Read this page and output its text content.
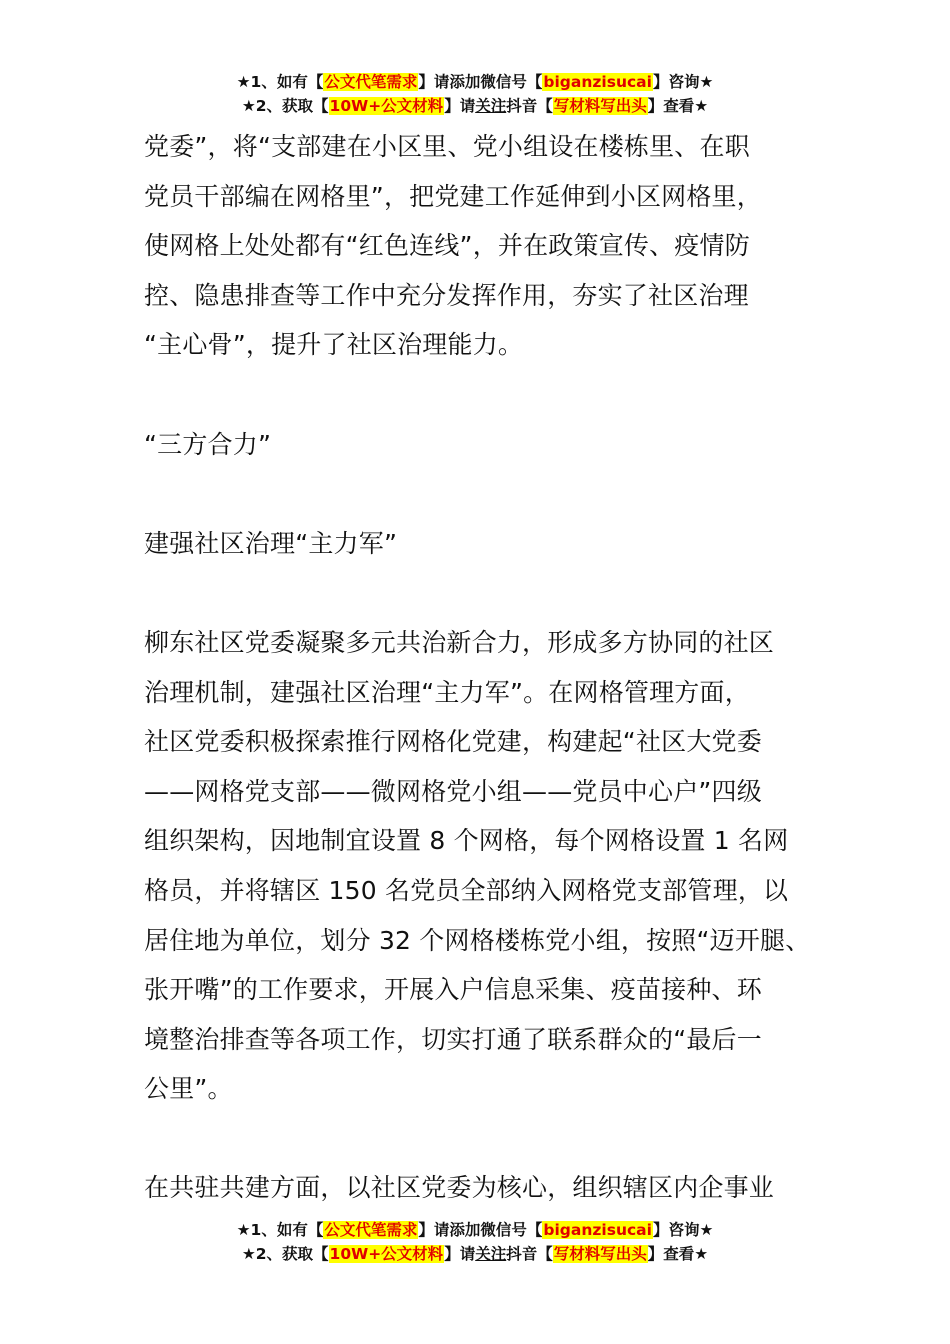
★1、如有【公文代笔需求】请添加微信号【biganzisucai】咨询★
★2、获取【10W+公文材料】请关注抖音【写材料写出头】查看★

党委”，将“支部建在小区里、党小组设在楼栋里、在职

党员干部编在网格里”，把党建工作延伸到小区网格里，

使网格上处处都有“红色连线”，并在政策宣传、疫情防

控、隐患排查等工作中充分发挥作用，夯实了社区治理

“主心骨”，提升了社区治理能力。

“三方合力”

建强社区治理“主力军”

柳东社区党委凝聚多元共治新合力，形成多方协同的社区

治理机制，建强社区治理“主力军”。在网格管理方面，

社区党委积极探索推行网格化党建，构建起“社区大党委

——网格党支部——微网格党小组——党员中心户”四级

组织架构，因地制宜设置 8 个网格，每个网格设置 1 名网

格员，并将辖区 150 名党员全部纳入网格党支部管理，以

居住地为单位，划分 32 个网格楼栋党小组，按照“迈开腿、

张开嘴”的工作要求，开展入户信息采集、疫苗接种、环

境整治排查等各项工作，切实打通了联系群众的“最后一

公里”。

在共驻共建方面，以社区党委为核心，组织辖区内企事业

★1、如有【公文代笔需求】请添加微信号【biganzisucai】咨询★
★2、获取【10W+公文材料】请关注抖音【写材料写出头】查看★
